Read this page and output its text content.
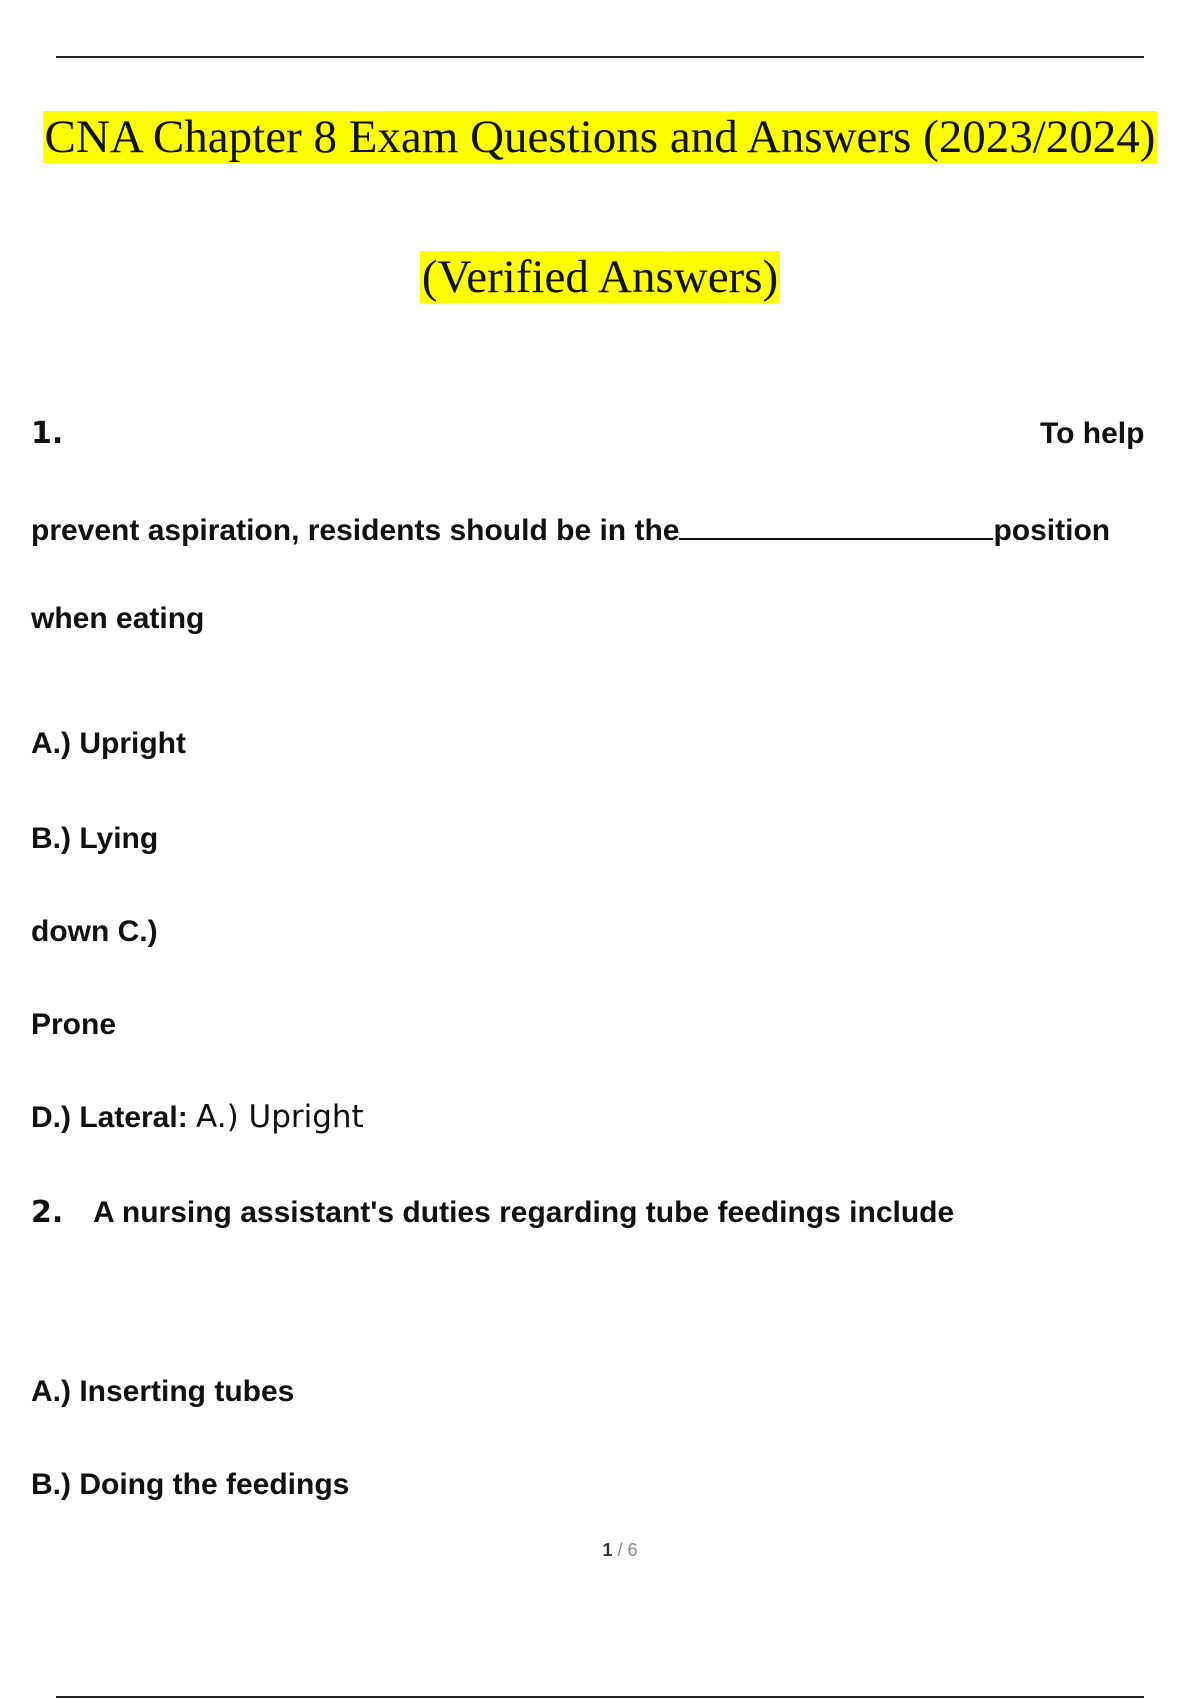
CNA Chapter 8 Exam Questions and Answers (2023/2024)
(Verified Answers)
1.	To help
prevent aspiration, residents should be in the	position
when eating
A.) Upright
B.) Lying
down C.)
Prone
D.) Lateral: A.) Upright
2. A nursing assistant's duties regarding tube feedings include
A.) Inserting tubes
B.) Doing the feedings
1 / 6
